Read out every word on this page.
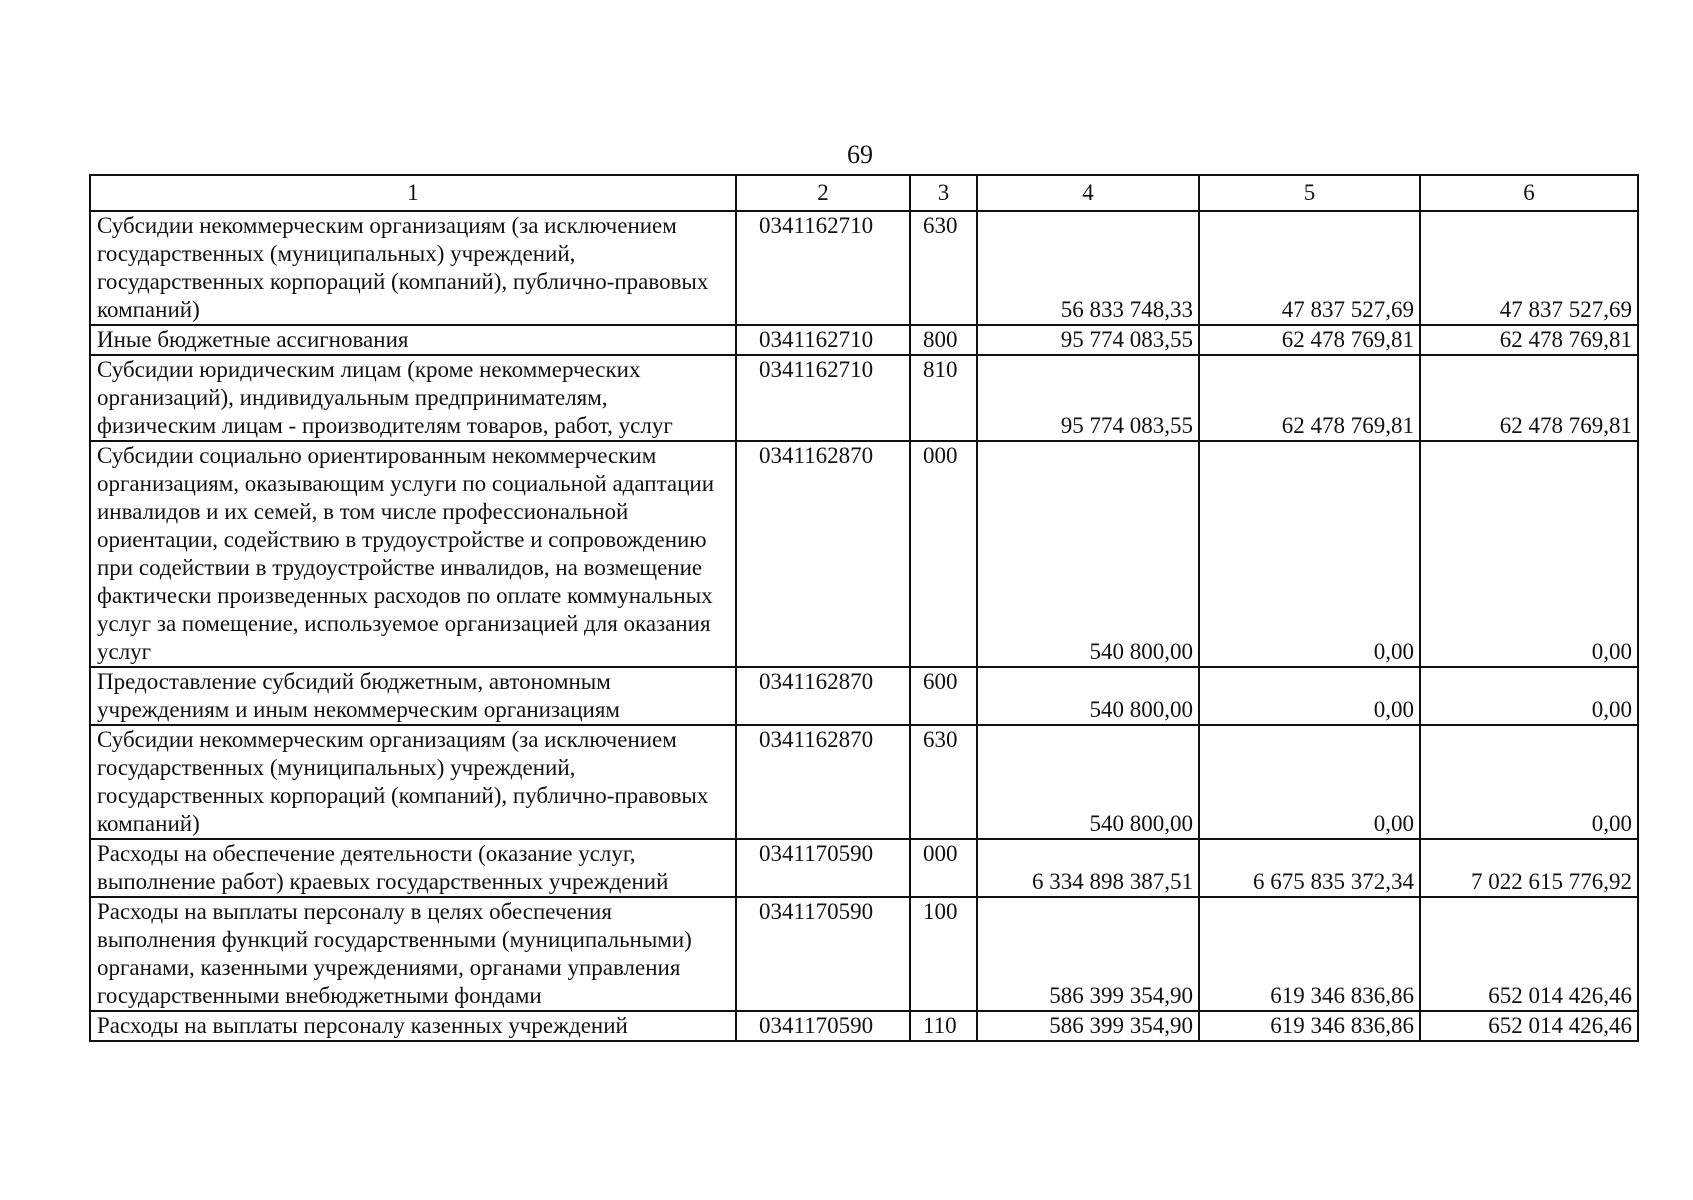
69
1	2	3	4	5	6
Субсидии некоммерческим организациям (за исключением государственных (муниципальных) учреждений, государственных корпораций (компаний), публично-правовых компаний)	0341162710	630	56 833 748,33	47 837 527,69	47 837 527,69
Иные бюджетные ассигнования	0341162710	800	95 774 083,55	62 478 769,81	62 478 769,81
Субсидии юридическим лицам (кроме некоммерческих организаций), индивидуальным предпринимателям, физическим лицам - производителям товаров, работ, услуг	0341162710	810	95 774 083,55	62 478 769,81	62 478 769,81
Субсидии социально ориентированным некоммерческим организациям, оказывающим услуги по социальной адаптации инвалидов и их семей, в том числе профессиональной ориентации, содействию в трудоустройстве и сопровождению при содействии в трудоустройстве инвалидов, на возмещение фактически произведенных расходов по оплате коммунальных услуг за помещение, используемое организацией для оказания услуг	0341162870	000	540 800,00	0,00	0,00
Предоставление субсидий бюджетным, автономным учреждениям и иным некоммерческим организациям	0341162870	600	540 800,00	0,00	0,00
Субсидии некоммерческим организациям (за исключением государственных (муниципальных) учреждений, государственных корпораций (компаний), публично-правовых компаний)	0341162870	630	540 800,00	0,00	0,00
Расходы на обеспечение деятельности (оказание услуг, выполнение работ) краевых государственных учреждений	0341170590	000	6 334 898 387,51	6 675 835 372,34	7 022 615 776,92
Расходы на выплаты персоналу в целях обеспечения выполнения функций государственными (муниципальными) органами, казенными учреждениями, органами управления государственными внебюджетными фондами	0341170590	100	586 399 354,90	619 346 836,86	652 014 426,46
Расходы на выплаты персоналу казенных учреждений	0341170590	110	586 399 354,90	619 346 836,86	652 014 426,46
